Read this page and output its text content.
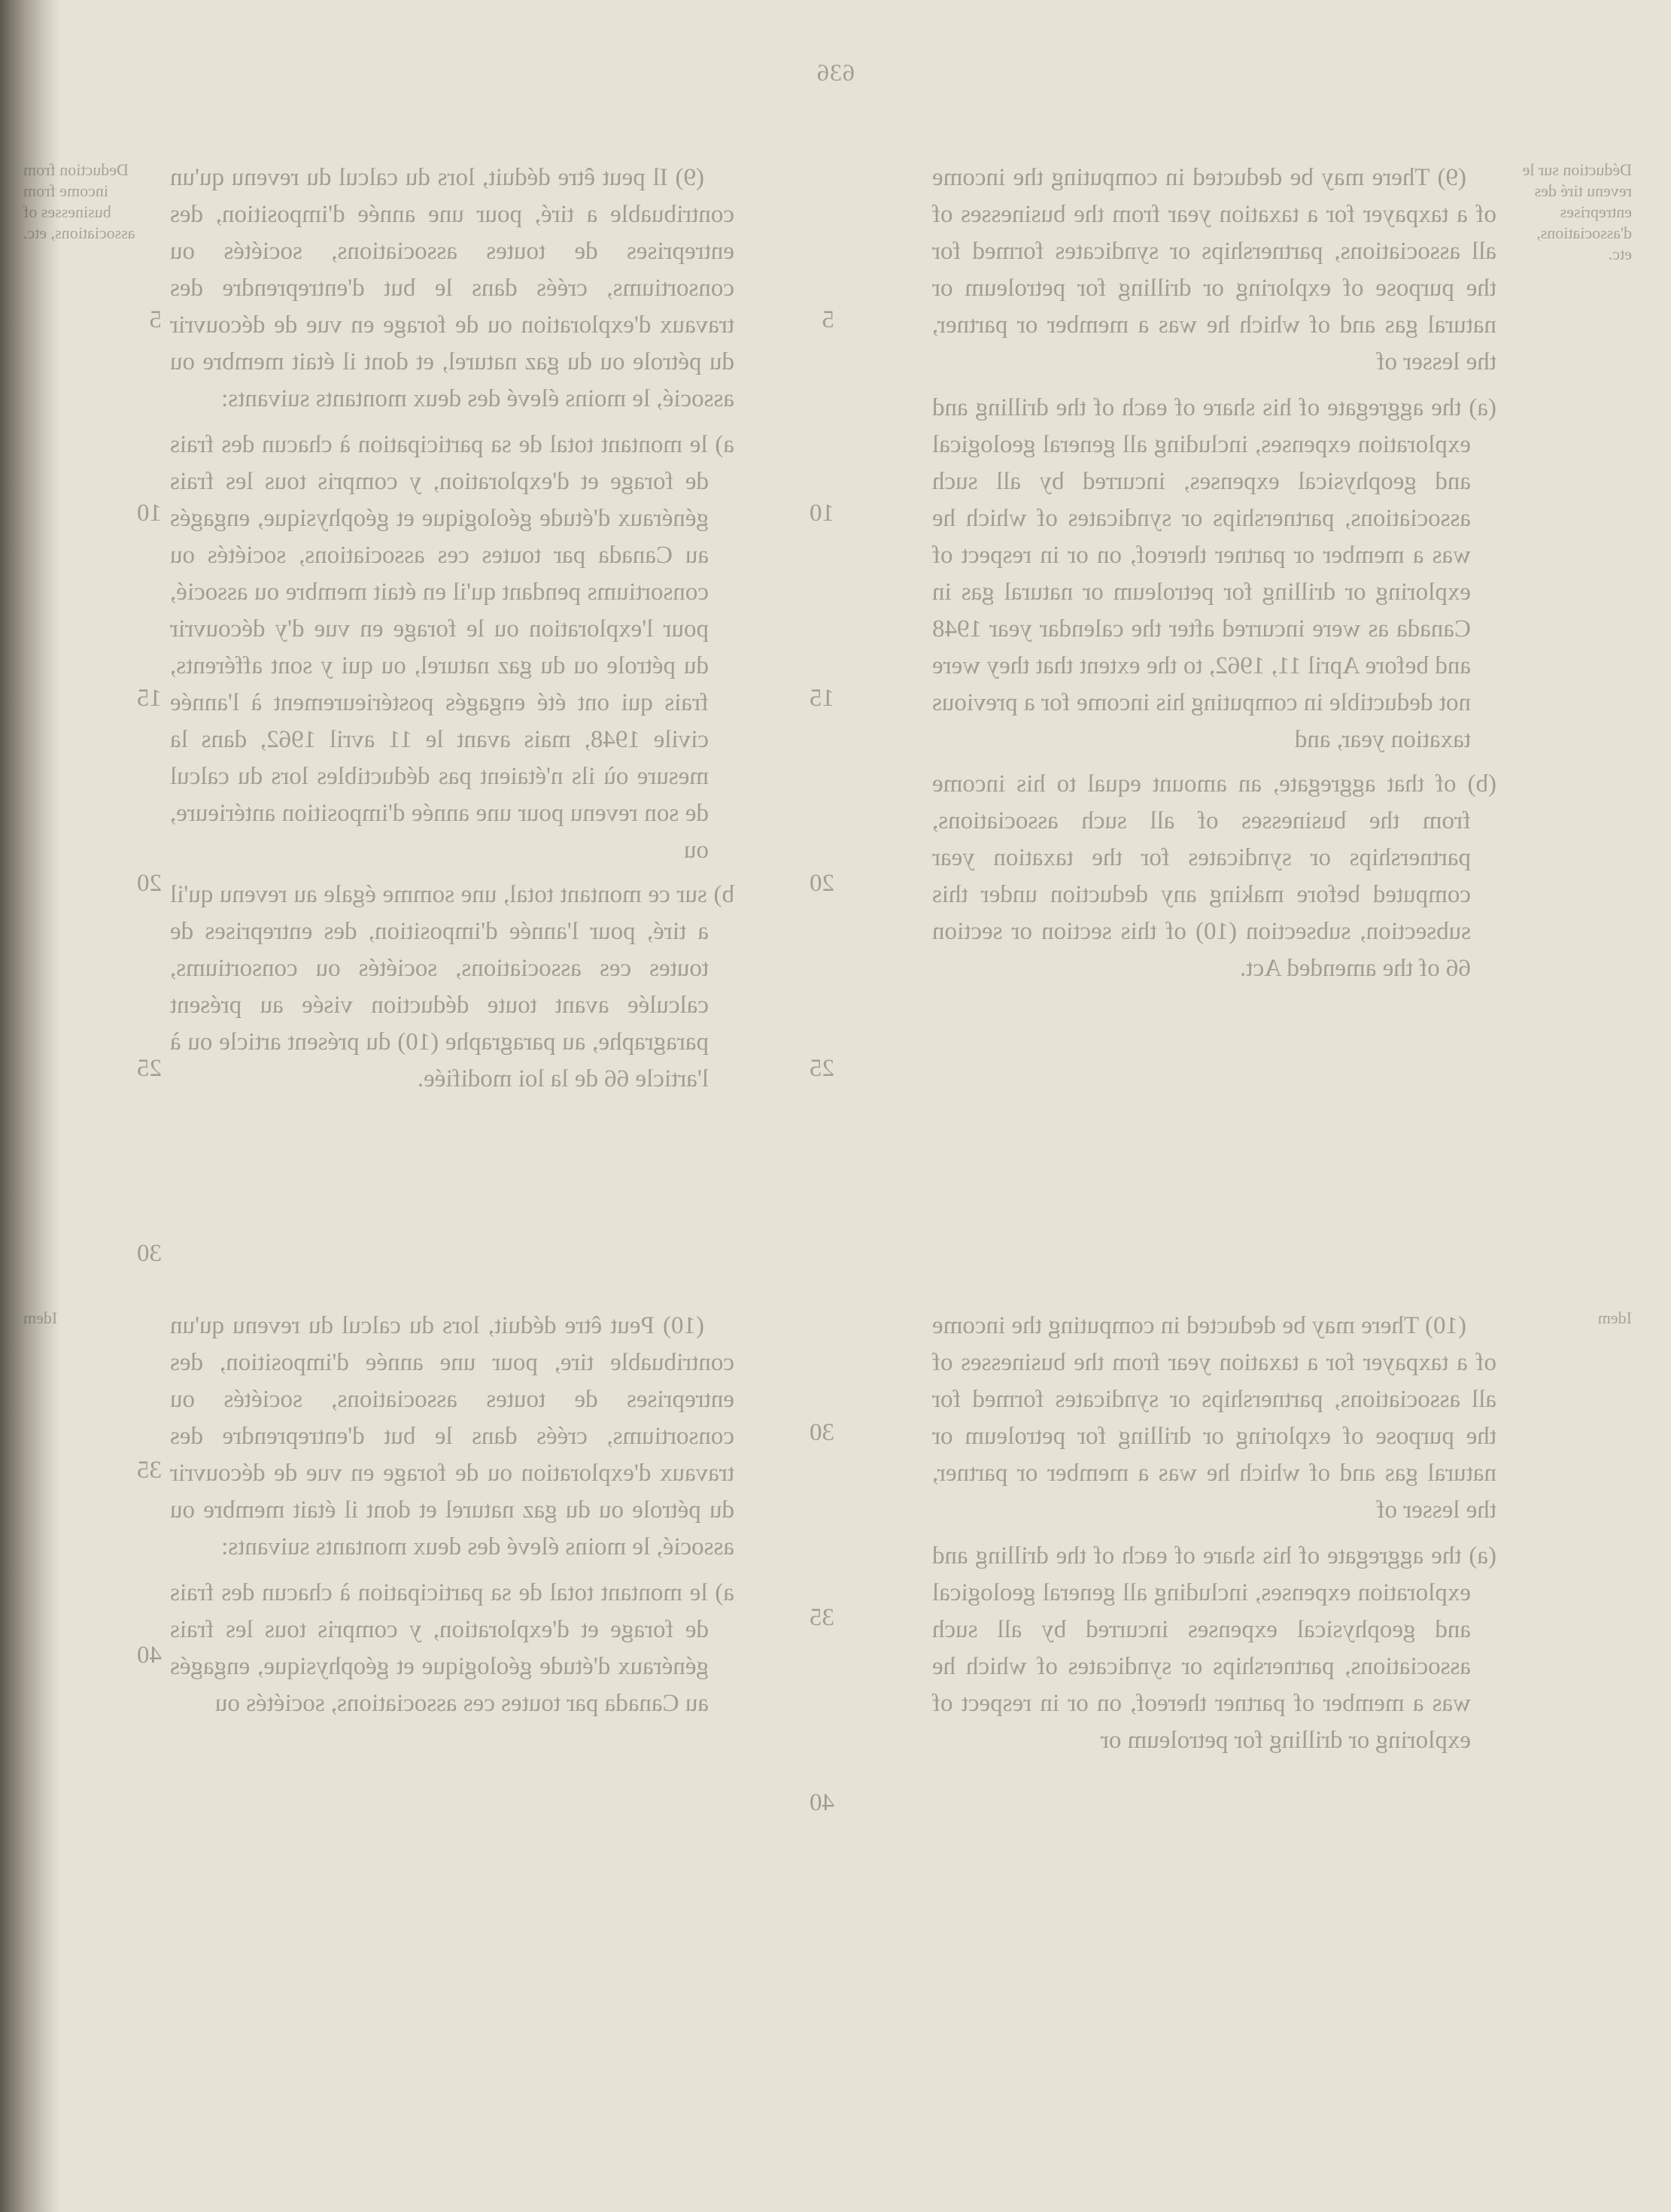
636
Déduction sur le revenu tiré des entreprises d'associations, etc.
Idem
Deduction from income from businesses of associations, etc.
Idem

(9) There may be deducted in computing the income of a taxpayer for a taxation year from the businesses of all associations, partnerships or syndicates formed for the purpose of exploring or drilling for petroleum or natural gas and of which he was a member or partner, the lesser of

(a) the aggregate of his share of each of the drilling and exploration expenses, including all general geological and geophysical expenses, incurred by all such associations, partnerships or syndicates of which he was a member or partner thereof, on or in respect of exploring or drilling for petroleum or natural gas in Canada as were incurred after the calendar year 1948 and before April 11, 1962, to the extent that they were not deductible in computing his income for a previous taxation year, and

(b) of that aggregate, an amount equal to his income from the businesses of all such associations, partnerships or syndicates for the taxation year computed before making any deduction under this subsection, subsection (10) of this section or section 66 of the amended Act.

(10) There may be deducted in computing the income of a taxpayer for a taxation year from the businesses of all associations, partnerships or syndicates formed for the purpose of exploring or drilling for petroleum or natural gas and of which he was a member or partner, the lesser of

(a) the aggregate of his share of each of the drilling and exploration expenses, including all general geological and geophysical expenses incurred by all such associations, partnerships or syndicates of which he was a member of partner thereof, on or in respect of exploring or drilling for petroleum or

(9) Il peut être déduit, lors du calcul du revenu qu'un contribuable a tiré, pour une année d'imposition, des entreprises de toutes associations, sociétés ou consortiums, créés dans le but d'entreprendre des travaux d'exploration ou de forage en vue de découvrir du pétrole ou du gaz naturel, et dont il était membre ou associé, le moins élevé des deux montants suivants:

a) le montant total de sa participation à chacun des frais de forage et d'exploration, y compris tous les frais généraux d'étude géologique et géophysique, engagés au Canada par toutes ces associations, sociétés ou consortiums pendant qu'il en était membre ou associé, pour l'exploration ou le forage en vue d'y découvrir du pétrole ou du gaz naturel, ou qui y sont afférents, frais qui ont été engagés postérieurement à l'année civile 1948, mais avant le 11 avril 1962, dans la mesure où ils n'étaient pas déductibles lors du calcul de son revenu pour une année d'imposition antérieure, ou

b) sur ce montant total, une somme égale au revenu qu'il a tiré, pour l'année d'imposition, des entreprises de toutes ces associations, sociétés ou consortiums, calculée avant toute déduction visée au présent paragraphe, au paragraphe (10) du présent article ou à l'article 66 de la loi modifiée.

(10) Peut être déduit, lors du calcul du revenu qu'un contribuable tire, pour une année d'imposition, des entreprises de toutes associations, sociétés ou consortiums, créés dans le but d'entreprendre des travaux d'exploration ou de forage en vue de découvrir du pétrole ou du gaz naturel et dont il était membre ou associé, le moins élevé des deux montants suivants:

a) le montant total de sa participation à chacun des frais de forage et d'exploration, y compris tous les frais généraux d'étude géologique et géophysique, engagés au Canada par toutes ces associations, sociétés ou

5
10
15
20
25
30
35
40
5
10
15
20
25
30
35
40
